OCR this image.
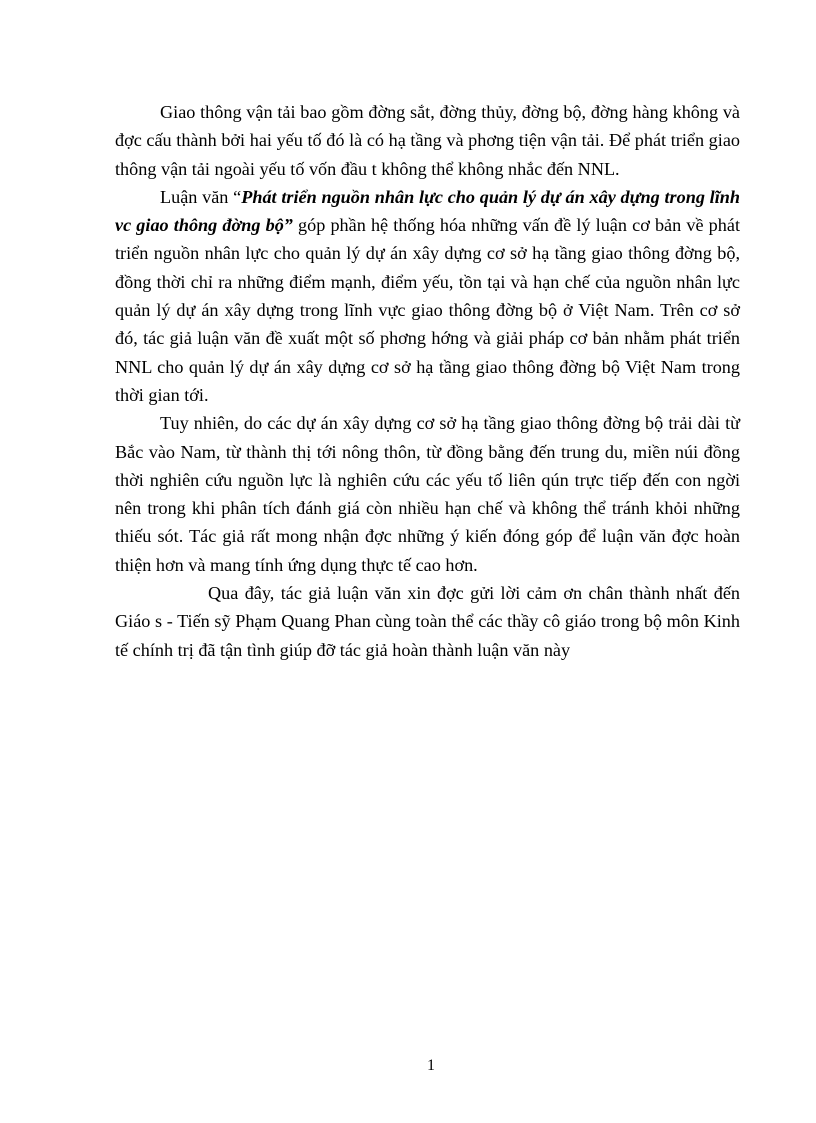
Giao thông vận tải bao gồm đờng sắt, đờng thủy, đờng bộ, đờng hàng không và đợc cấu thành bởi hai yếu tố đó là có hạ tầng và phơng tiện vận tải. Để phát triển giao thông vận tải ngoài yếu tố vốn đầu t không thể không nhắc đến NNL.

Luận văn “Phát triển nguồn nhân lực cho quản lý dự án xây dựng trong lĩnh vc giao thông đờng bộ” góp phần hệ thống hóa những vấn đề lý luận cơ bản về phát triển nguồn nhân lực cho quản lý dự án xây dựng cơ sở hạ tầng giao thông đờng bộ, đồng thời chỉ ra những điểm mạnh, điểm yếu, tồn tại và hạn chế của nguồn nhân lực quản lý dự án xây dựng trong lĩnh vực giao thông đờng bộ ở Việt Nam. Trên cơ sở đó, tác giả luận văn đề xuất một số phơng hớng và giải pháp cơ bản nhằm phát triển NNL cho quản lý dự án xây dựng cơ sở hạ tầng giao thông đờng bộ Việt Nam trong thời gian tới.

Tuy nhiên, do các dự án xây dựng cơ sở hạ tầng giao thông đờng bộ trải dài từ Bắc vào Nam, từ thành thị tới nông thôn, từ đồng bằng đến trung du, miền núi đồng thời nghiên cứu nguồn lực là nghiên cứu các yếu tố liên qún trực tiếp đến con ngời nên trong khi phân tích đánh giá còn nhiều hạn chế và không thể tránh khỏi những thiếu sót. Tác giả rất mong nhận đợc những ý kiến đóng góp để luận văn đợc hoàn thiện hơn và mang tính ứng dụng thực tế cao hơn.

Qua đây, tác giả luận văn xin đợc gửi lời cảm ơn chân thành nhất đến Giáo s - Tiến sỹ Phạm Quang Phan cùng toàn thể các thầy cô giáo trong bộ môn Kinh tế chính trị đã tận tình giúp đỡ tác giả hoàn thành luận văn này

1
